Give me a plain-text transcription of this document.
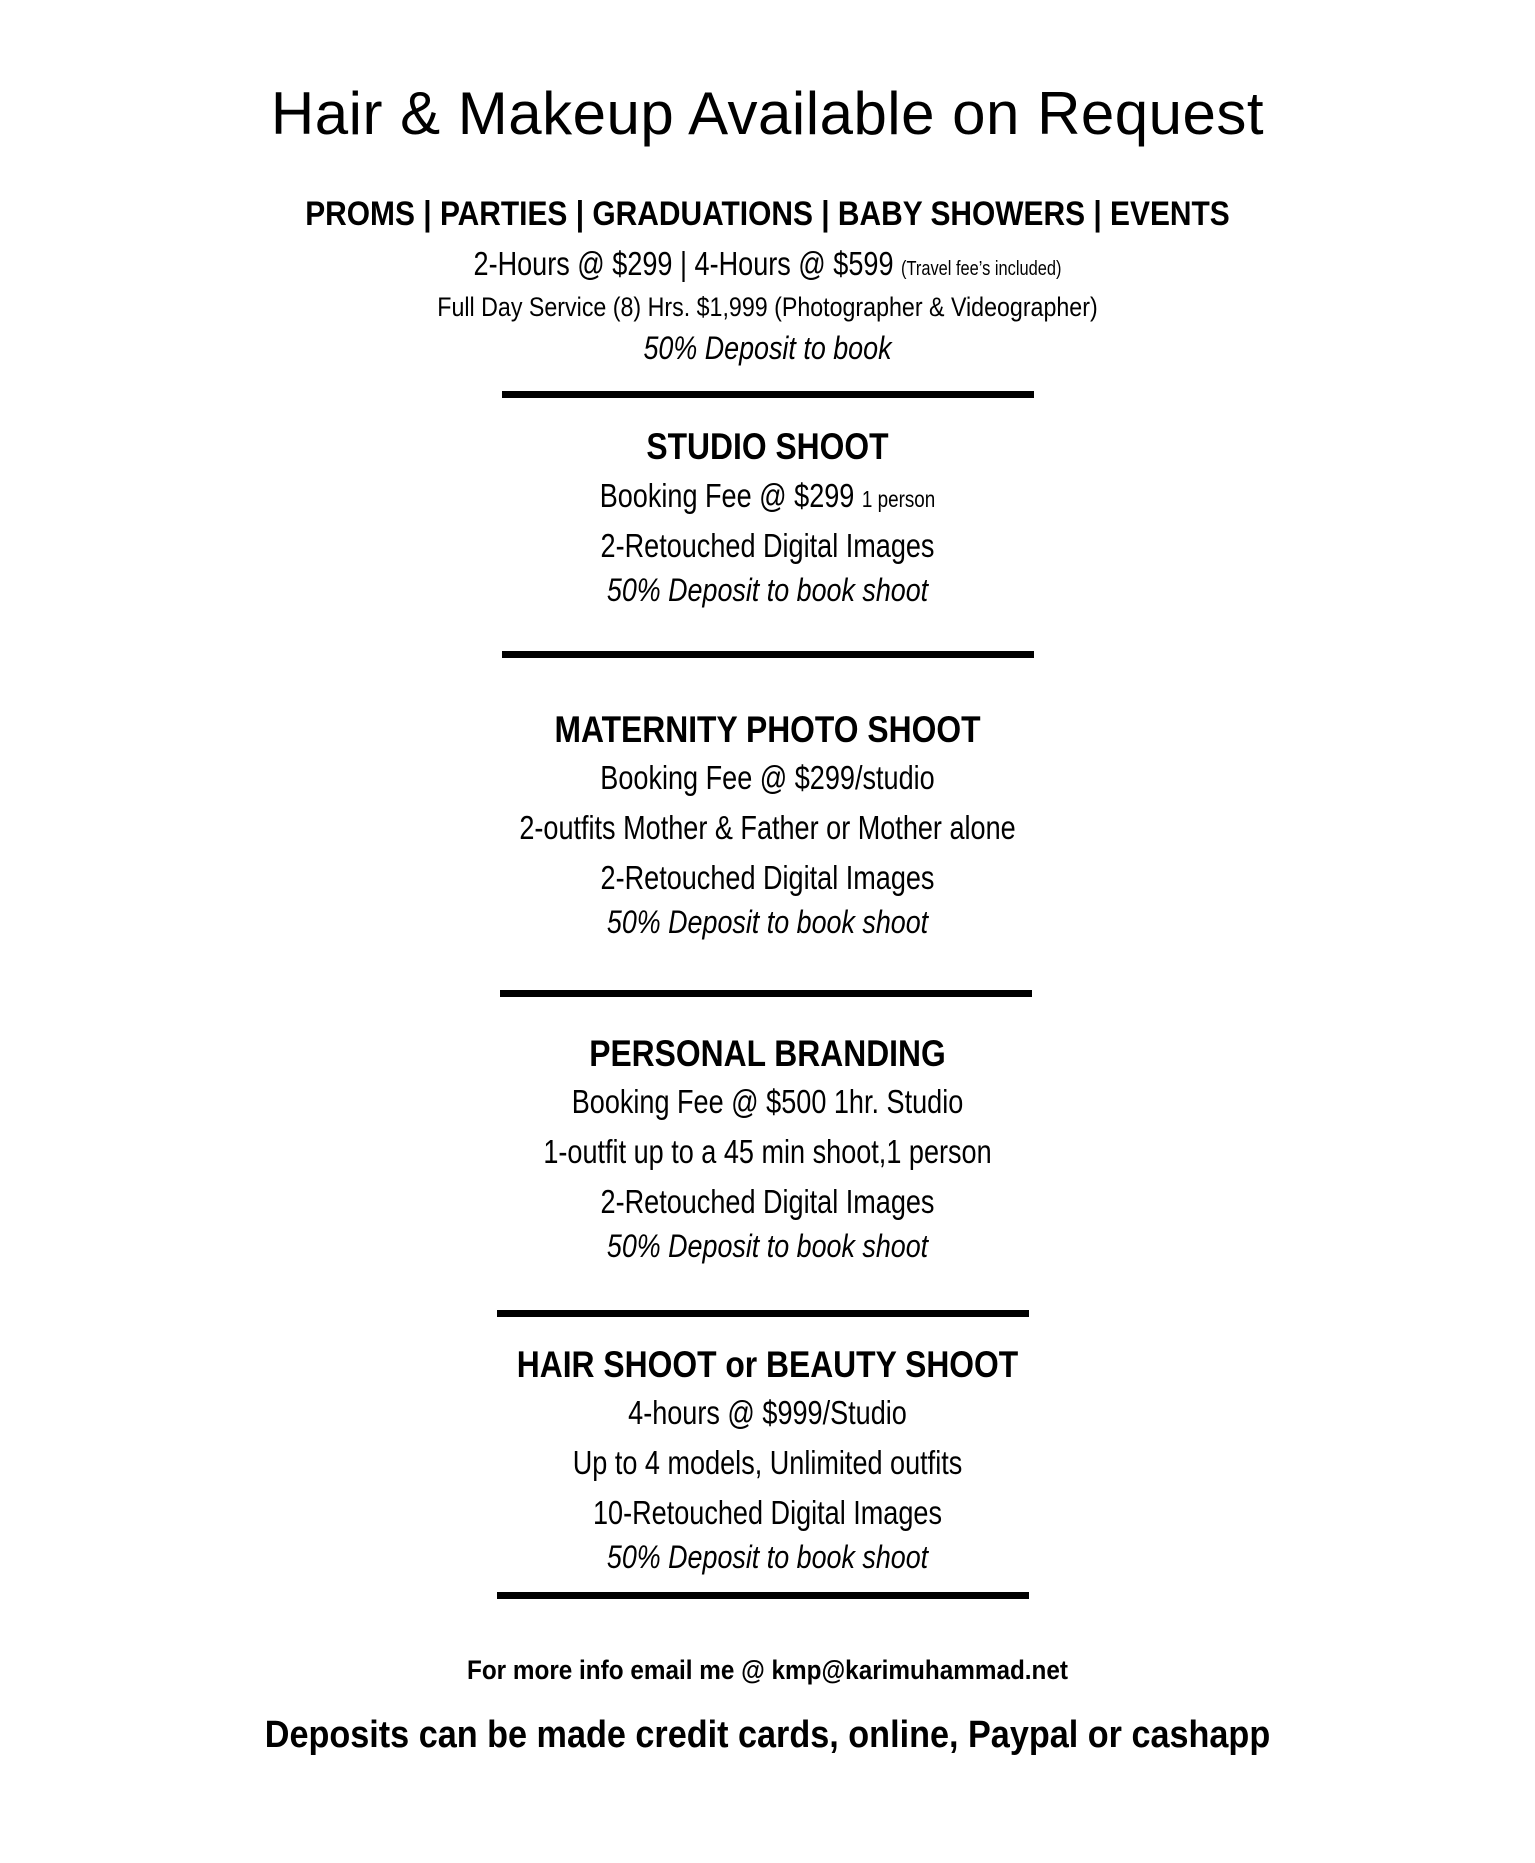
Hair & Makeup Available on Request
PROMS | PARTIES | GRADUATIONS | BABY SHOWERS | EVENTS
2-Hours @ $299 | 4-Hours @ $599 (Travel fee’s included)
Full Day Service (8) Hrs. $1,999 (Photographer & Videographer)
50% Deposit to book
STUDIO SHOOT
Booking Fee @ $299 1 person
2-Retouched Digital Images
50% Deposit to book shoot
MATERNITY PHOTO SHOOT
Booking Fee @ $299/studio
2-outfits Mother & Father or Mother alone
2-Retouched Digital Images
50% Deposit to book shoot
PERSONAL BRANDING
Booking Fee @ $500 1hr. Studio
1-outfit up to a 45 min shoot,1 person
2-Retouched Digital Images
50% Deposit to book shoot
HAIR SHOOT or BEAUTY SHOOT
4-hours @ $999/Studio
Up to 4 models, Unlimited outfits
10-Retouched Digital Images
50% Deposit to book shoot
For more info email me @ kmp@karimuhammad.net
Deposits can be made credit cards, online, Paypal or cashapp
